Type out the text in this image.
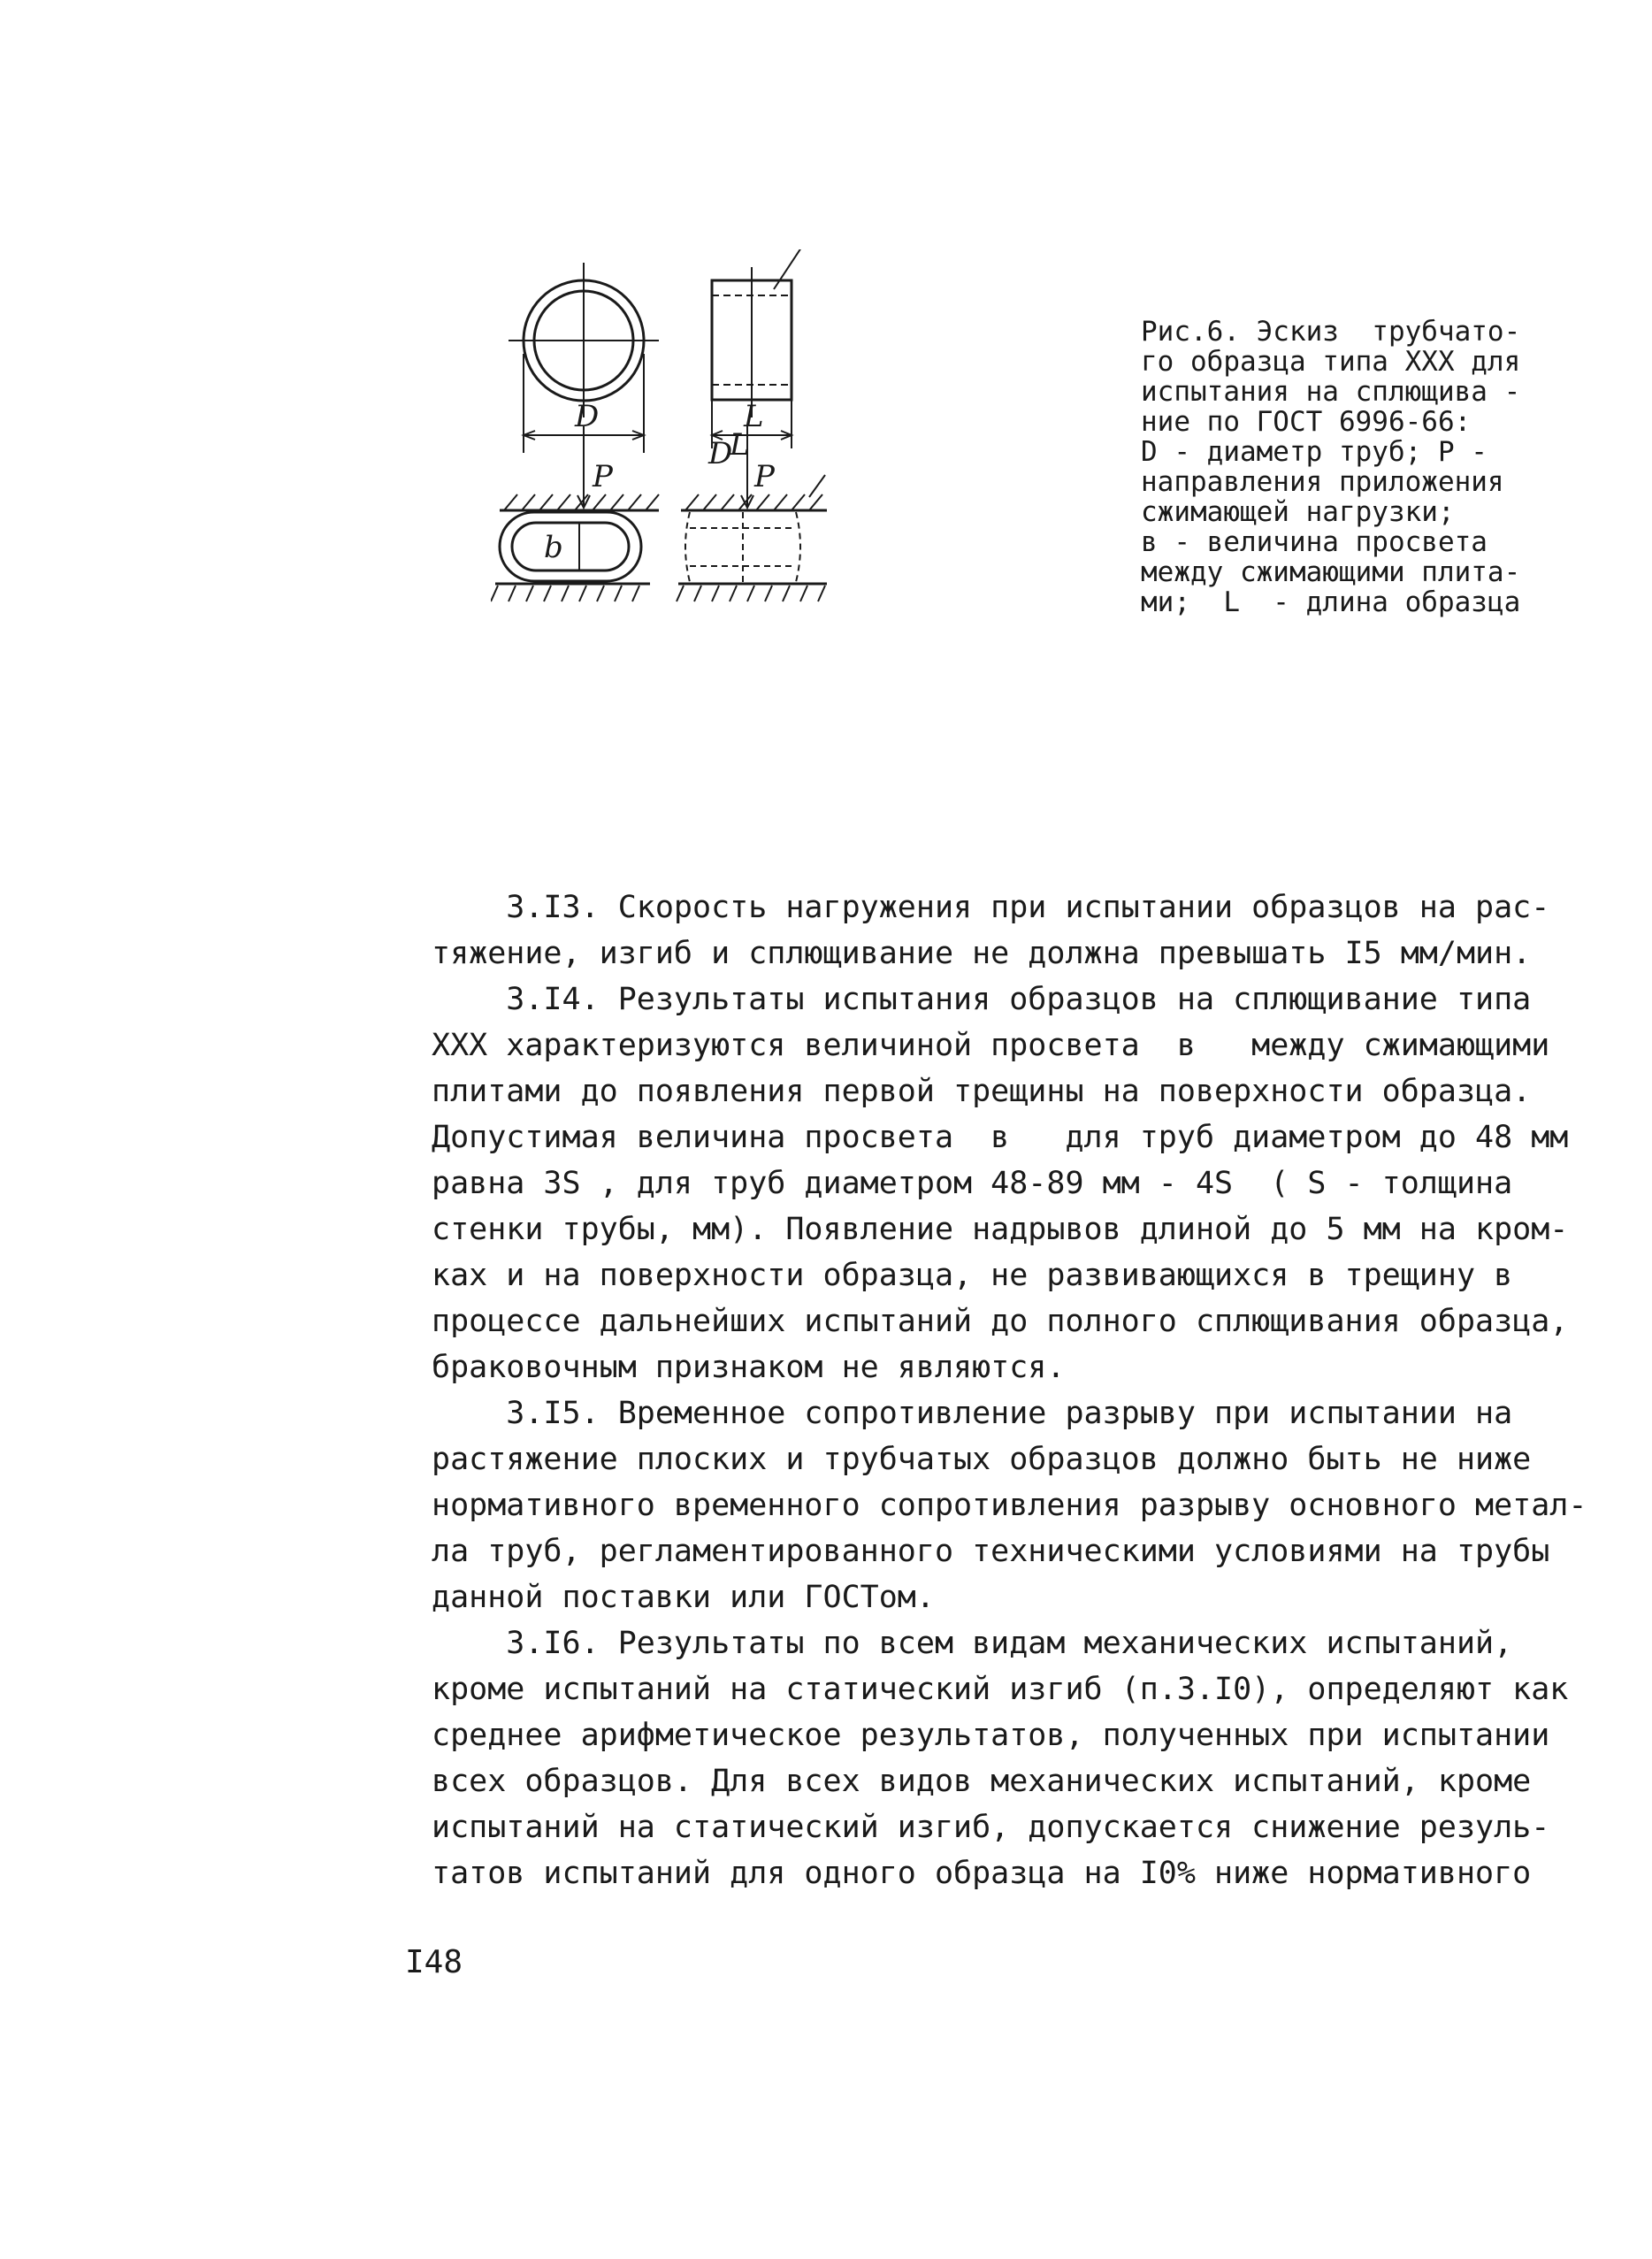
D	L
P	P
D
L
b
Рис.6. Эскиз  трубчато-
го образца типа XXX для
испытания на сплющива -
ние по ГОСТ 6996-66:
D - диаметр труб; Р -
направления приложения
сжимающей нагрузки;
в - величина просвета
между сжимающими плита-
ми;  L  - длина образца
3.I3. Скорость нагружения при испытании образцов на рас-
тяжение, изгиб и сплющивание не должна превышать I5 мм/мин.
3.I4. Результаты испытания образцов на сплющивание типа
XXX характеризуются величиной просвета  в   между сжимающими
плитами до появления первой трещины на поверхности образца.
Допустимая величина просвета  в   для труб диаметром до 48 мм
равна 3S , для труб диаметром 48-89 мм - 4S  ( S - толщина
стенки трубы, мм). Появление надрывов длиной до 5 мм на кром-
ках и на поверхности образца, не развивающихся в трещину в
процессе дальнейших испытаний до полного сплющивания образца,
браковочным признаком не являются.
3.I5. Временное сопротивление разрыву при испытании на
растяжение плоских и трубчатых образцов должно быть не ниже
нормативного временного сопротивления разрыву основного метал-
ла труб, регламентированного техническими условиями на трубы
данной поставки или ГОСТом.
3.I6. Результаты по всем видам механических испытаний,
кроме испытаний на статический изгиб (п.3.I0), определяют как
среднее арифметическое результатов, полученных при испытании
всех образцов. Для всех видов механических испытаний, кроме
испытаний на статический изгиб, допускается снижение резуль-
татов испытаний для одного образца на I0% ниже нормативного
I48
